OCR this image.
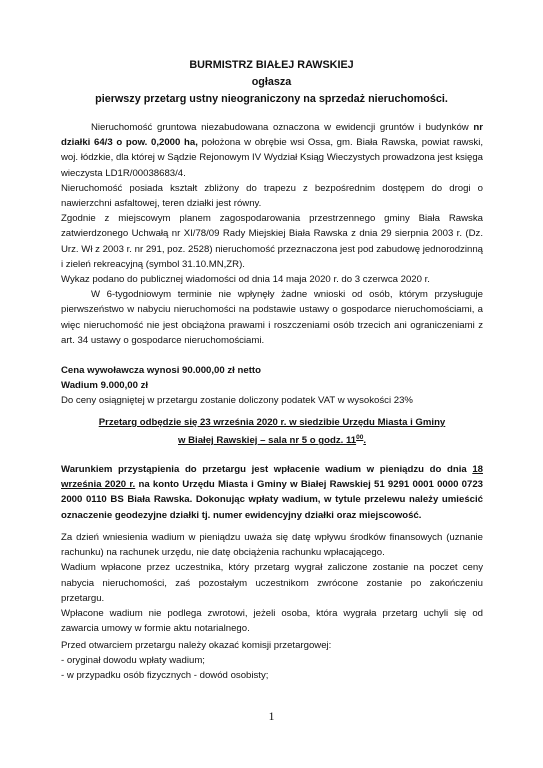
BURMISTRZ BIAŁEJ RAWSKIEJ
ogłasza
pierwszy przetarg ustny nieograniczony na sprzedaż nieruchomości.

Nieruchomość gruntowa niezabudowana oznaczona w ewidencji gruntów i budynków nr działki 64/3 o pow. 0,2000 ha, położona w obrębie wsi Ossa, gm. Biała Rawska, powiat rawski, woj. łódzkie, dla której w Sądzie Rejonowym IV Wydział Ksiąg Wieczystych prowadzona jest księga wieczysta LD1R/00038683/4.

Nieruchomość posiada kształt zbliżony do trapezu z bezpośrednim dostępem do drogi o nawierzchni asfaltowej, teren działki jest równy.

Zgodnie z miejscowym planem zagospodarowania przestrzennego gminy Biała Rawska zatwierdzonego Uchwałą nr XI/78/09 Rady Miejskiej Biała Rawska z dnia 29 sierpnia 2003 r. (Dz. Urz. Wł z 2003 r. nr 291, poz. 2528) nieruchomość przeznaczona jest pod zabudowę jednorodzinną i zieleń rekreacyjną (symbol 31.10.MN,ZR).

Wykaz podano do publicznej wiadomości od dnia 14 maja 2020 r. do 3 czerwca 2020 r.

W 6-tygodniowym terminie nie wpłynęły żadne wnioski od osób, którym przysługuje pierwszeństwo w nabyciu nieruchomości na podstawie ustawy o gospodarce nieruchomościami, a więc nieruchomość nie jest obciążona prawami i roszczeniami osób trzecich ani ograniczeniami z art. 34 ustawy o gospodarce nieruchomościami.

Cena wywoławcza wynosi 90.000,00 zł netto

Wadium 9.000,00 zł

Do ceny osiągniętej w przetargu zostanie doliczony podatek VAT w wysokości 23%

Przetarg odbędzie się 23 września 2020 r. w siedzibie Urzędu Miasta i Gminy
w Białej Rawskiej – sala nr 5 o godz. $11^{00}$.

Warunkiem przystąpienia do przetargu jest wpłacenie wadium w pieniądzu do dnia 18 września 2020 r. na konto Urzędu Miasta i Gminy w Białej Rawskiej 51 9291 0001 0000 0723 2000 0110 BS Biała Rawska. Dokonując wpłaty wadium, w tytule przelewu należy umieścić oznaczenie geodezyjne działki tj. numer ewidencyjny działki oraz miejscowość.

Za dzień wniesienia wadium w pieniądzu uważa się datę wpływu środków finansowych (uznanie rachunku) na rachunek urzędu, nie datę obciążenia rachunku wpłacającego.

Wadium wpłacone przez uczestnika, który przetarg wygrał zaliczone zostanie na poczet ceny nabycia nieruchomości, zaś pozostałym uczestnikom zwrócone zostanie po zakończeniu przetargu.

Wpłacone wadium nie podlega zwrotowi, jeżeli osoba, która wygrała przetarg uchyli się od zawarcia umowy w formie aktu notarialnego.

Przed otwarciem przetargu należy okazać komisji przetargowej:

- oryginał dowodu wpłaty wadium;

- w przypadku osób fizycznych - dowód osobisty;

1
